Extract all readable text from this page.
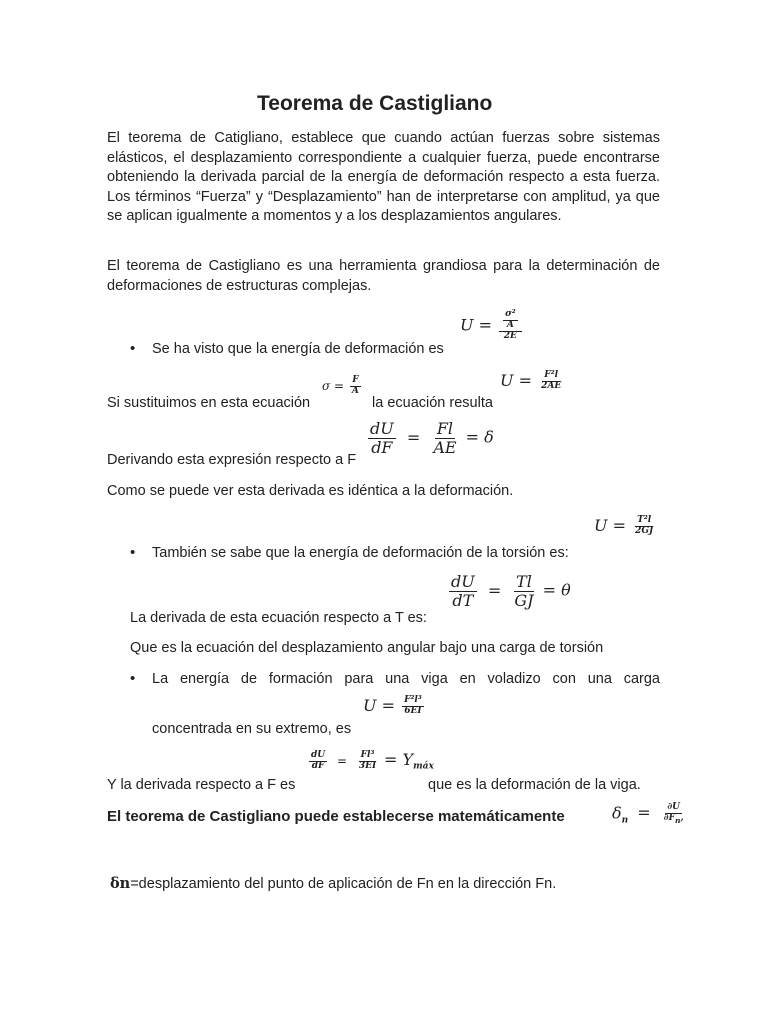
Teorema de Castigliano
El teorema de Catigliano, establece que cuando actúan fuerzas sobre sistemas elásticos, el desplazamiento correspondiente a cualquier fuerza, puede encontrarse obteniendo la derivada parcial de la energía de deformación respecto a esta fuerza. Los términos “Fuerza” y “Desplazamiento” han de interpretarse con amplitud, ya que se aplican igualmente a momentos y a los desplazamientos angulares.
El teorema de Castigliano es una herramienta grandiosa para la determinación de deformaciones de estructuras complejas.
• Se ha visto que la energía de deformación es
$U = \frac{\frac{\text{σ²}}{A}}{2E}$
Si sustituimos en esta ecuación
$\sigma = \frac{F}{A}$
la ecuación resulta
$U = \frac{\text{F²l}}{2AE}$
Derivando esta expresión respecto a F
$\frac{dU}{dF} = \frac{Fl}{AE} = \delta$
Como se puede ver esta derivada es idéntica a la deformación.
• También se sabe que la energía de deformación de la torsión es:
$U = \frac{\text{T²l}}{2GJ}$
La derivada de esta ecuación respecto a T es:
$\frac{dU}{dT} = \frac{Tl}{GJ} = \theta$
Que es la ecuación del desplazamiento angular bajo una carga de torsión
• La energía de formación para una viga en voladizo con una carga
concentrada en su extremo, es
$U = \frac{\text{F²l³}}{6EI}$
Y la derivada respecto a F es
$\frac{dU}{dF} = \frac{\text{Fl³}}{3EI} = Y_{máx}$
que es la deformación de la viga.
El teorema de Castigliano puede establecerse matemáticamente	$\delta_n = \frac{\partial U}{\partial F_n,}$
δn=desplazamiento del punto de aplicación de Fn en la dirección Fn.
